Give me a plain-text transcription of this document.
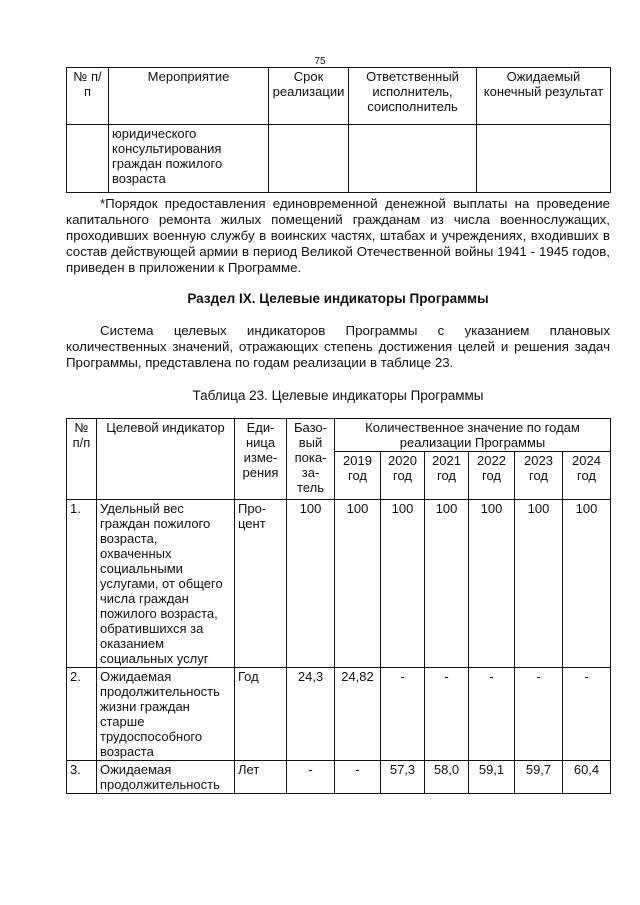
75
№ п/п	Мероприятие	Срок реализации	Ответственный исполнитель, соисполнитель	Ожидаемый конечный результат
	юридического консультирования граждан пожилого возраста			
*Порядок предоставления единовременной денежной выплаты на проведение капитального ремонта жилых помещений гражданам из числа военнослужащих, проходивших военную службу в воинских частях, штабах и учреждениях, входивших в состав действующей армии в период Великой Отечественной войны 1941 - 1945 годов, приведен в приложении к Программе.
Раздел IX. Целевые индикаторы Программы
Система целевых индикаторов Программы с указанием плановых количественных значений, отражающих степень достижения целей и решения задач Программы, представлена по годам реализации в таблице 23.
Таблица 23. Целевые индикаторы Программы
№ п/п	Целевой индикатор	Еди-ница изме-рения	Базо-вый пока-за-тель	Количественное значение по годам реализации Программы					
				2019 год	2020 год	2021 год	2022 год	2023 год	2024 год
1.	Удельный вес граждан пожилого возраста, охваченных социальными услугами, от общего числа граждан пожилого возраста, обратившихся за оказанием социальных услуг	Про-цент	100	100	100	100	100	100	100
2.	Ожидаемая продолжительность жизни граждан старше трудоспособного возраста	Год	24,3	24,82	-	-	-	-	-
3.	Ожидаемая продолжительность	Лет	-	-	57,3	58,0	59,1	59,7	60,4
